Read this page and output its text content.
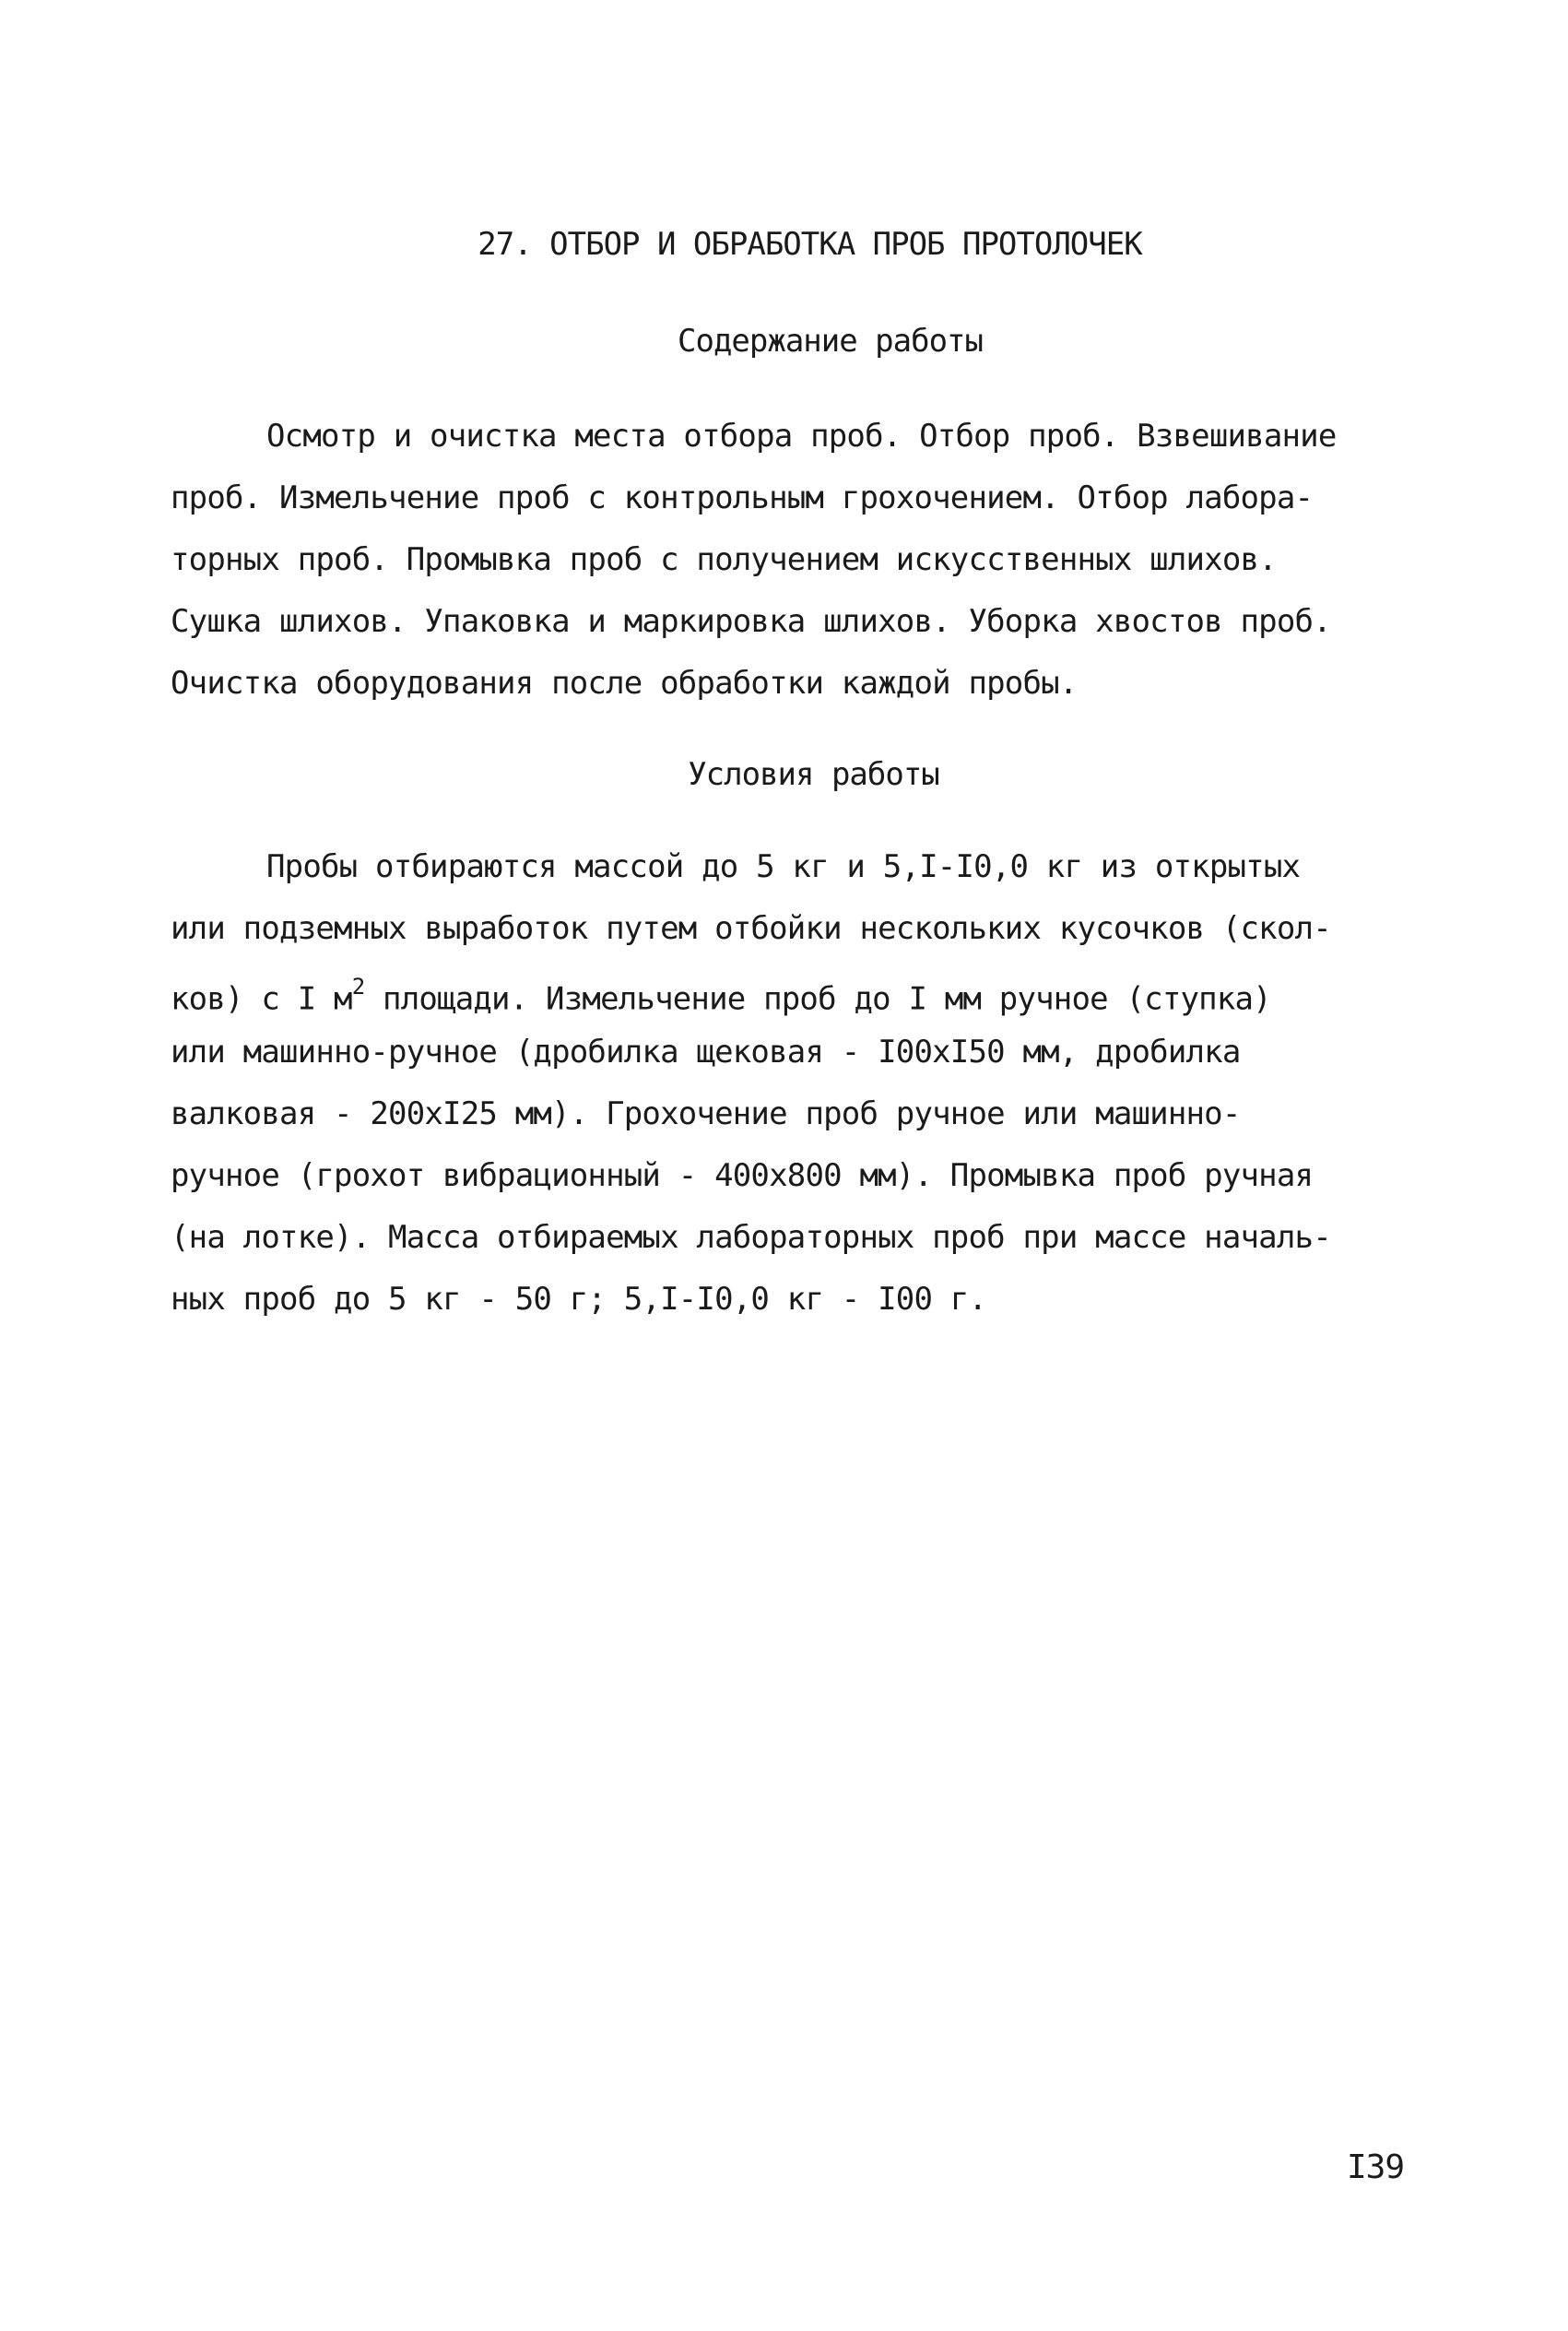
27. ОТБОР И ОБРАБОТКА ПРОБ ПРОТОЛОЧЕК
Содержание работы
Осмотр и очистка места отбора проб. Отбор проб. Взвешивание
проб. Измельчение проб с контрольным грохочением. Отбор лабора-
торных проб. Промывка проб с получением искусственных шлихов.
Сушка шлихов. Упаковка и маркировка шлихов. Уборка хвостов проб.
Очистка оборудования после обработки каждой пробы.
Условия работы
Пробы отбираются массой до 5 кг и 5,I-I0,0 кг из открытых
или подземных выработок путем отбойки нескольких кусочков (скол-
ков) с I $м^2$ площади. Измельчение проб до I мм ручное (ступка)
или машинно-ручное (дробилка щековая - I00xI50 мм, дробилка
валковая - 200xI25 мм). Грохочение проб ручное или машинно-
ручное (грохот вибрационный - 400x800 мм). Промывка проб ручная
(на лотке). Масса отбираемых лабораторных проб при массе началь-
ных проб до 5 кг - 50 г; 5,I-I0,0 кг - I00 г.
I39
